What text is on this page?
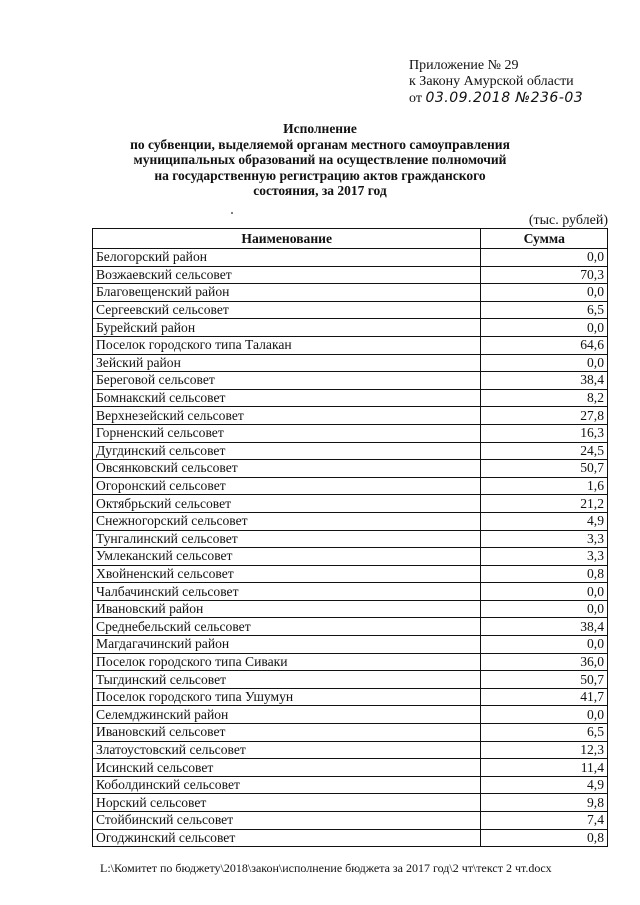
Приложение № 29
к Закону Амурской области
от 03.09.2018 №236-03
Исполнение
по субвенции, выделяемой органам местного самоуправления
муниципальных образований на осуществление полномочий
на государственную регистрацию актов гражданского
состояния, за 2017 год
(тыс. рублей)
Наименование	Сумма
Белогорский район	0,0
Возжаевский сельсовет	70,3
Благовещенский район	0,0
Сергеевский сельсовет	6,5
Бурейский район	0,0
Поселок городского типа Талакан	64,6
Зейский район	0,0
Береговой сельсовет	38,4
Бомнакский сельсовет	8,2
Верхнезейский сельсовет	27,8
Горненский сельсовет	16,3
Дугдинский сельсовет	24,5
Овсянковский сельсовет	50,7
Огоронский сельсовет	1,6
Октябрьский сельсовет	21,2
Снежногорский сельсовет	4,9
Тунгалинский сельсовет	3,3
Умлеканский сельсовет	3,3
Хвойненский сельсовет	0,8
Чалбачинский сельсовет	0,0
Ивановский район	0,0
Среднебельский сельсовет	38,4
Магдагачинский район	0,0
Поселок городского типа Сиваки	36,0
Тыгдинский сельсовет	50,7
Поселок городского типа Ушумун	41,7
Селемджинский район	0,0
Ивановский сельсовет	6,5
Златоустовский сельсовет	12,3
Исинский сельсовет	11,4
Коболдинский сельсовет	4,9
Норский сельсовет	9,8
Стойбинский сельсовет	7,4
Огоджинский сельсовет	0,8
L:\Комитет по бюджету\2018\закон\исполнение бюджета за 2017 год\2 чт\текст 2 чт.docx
